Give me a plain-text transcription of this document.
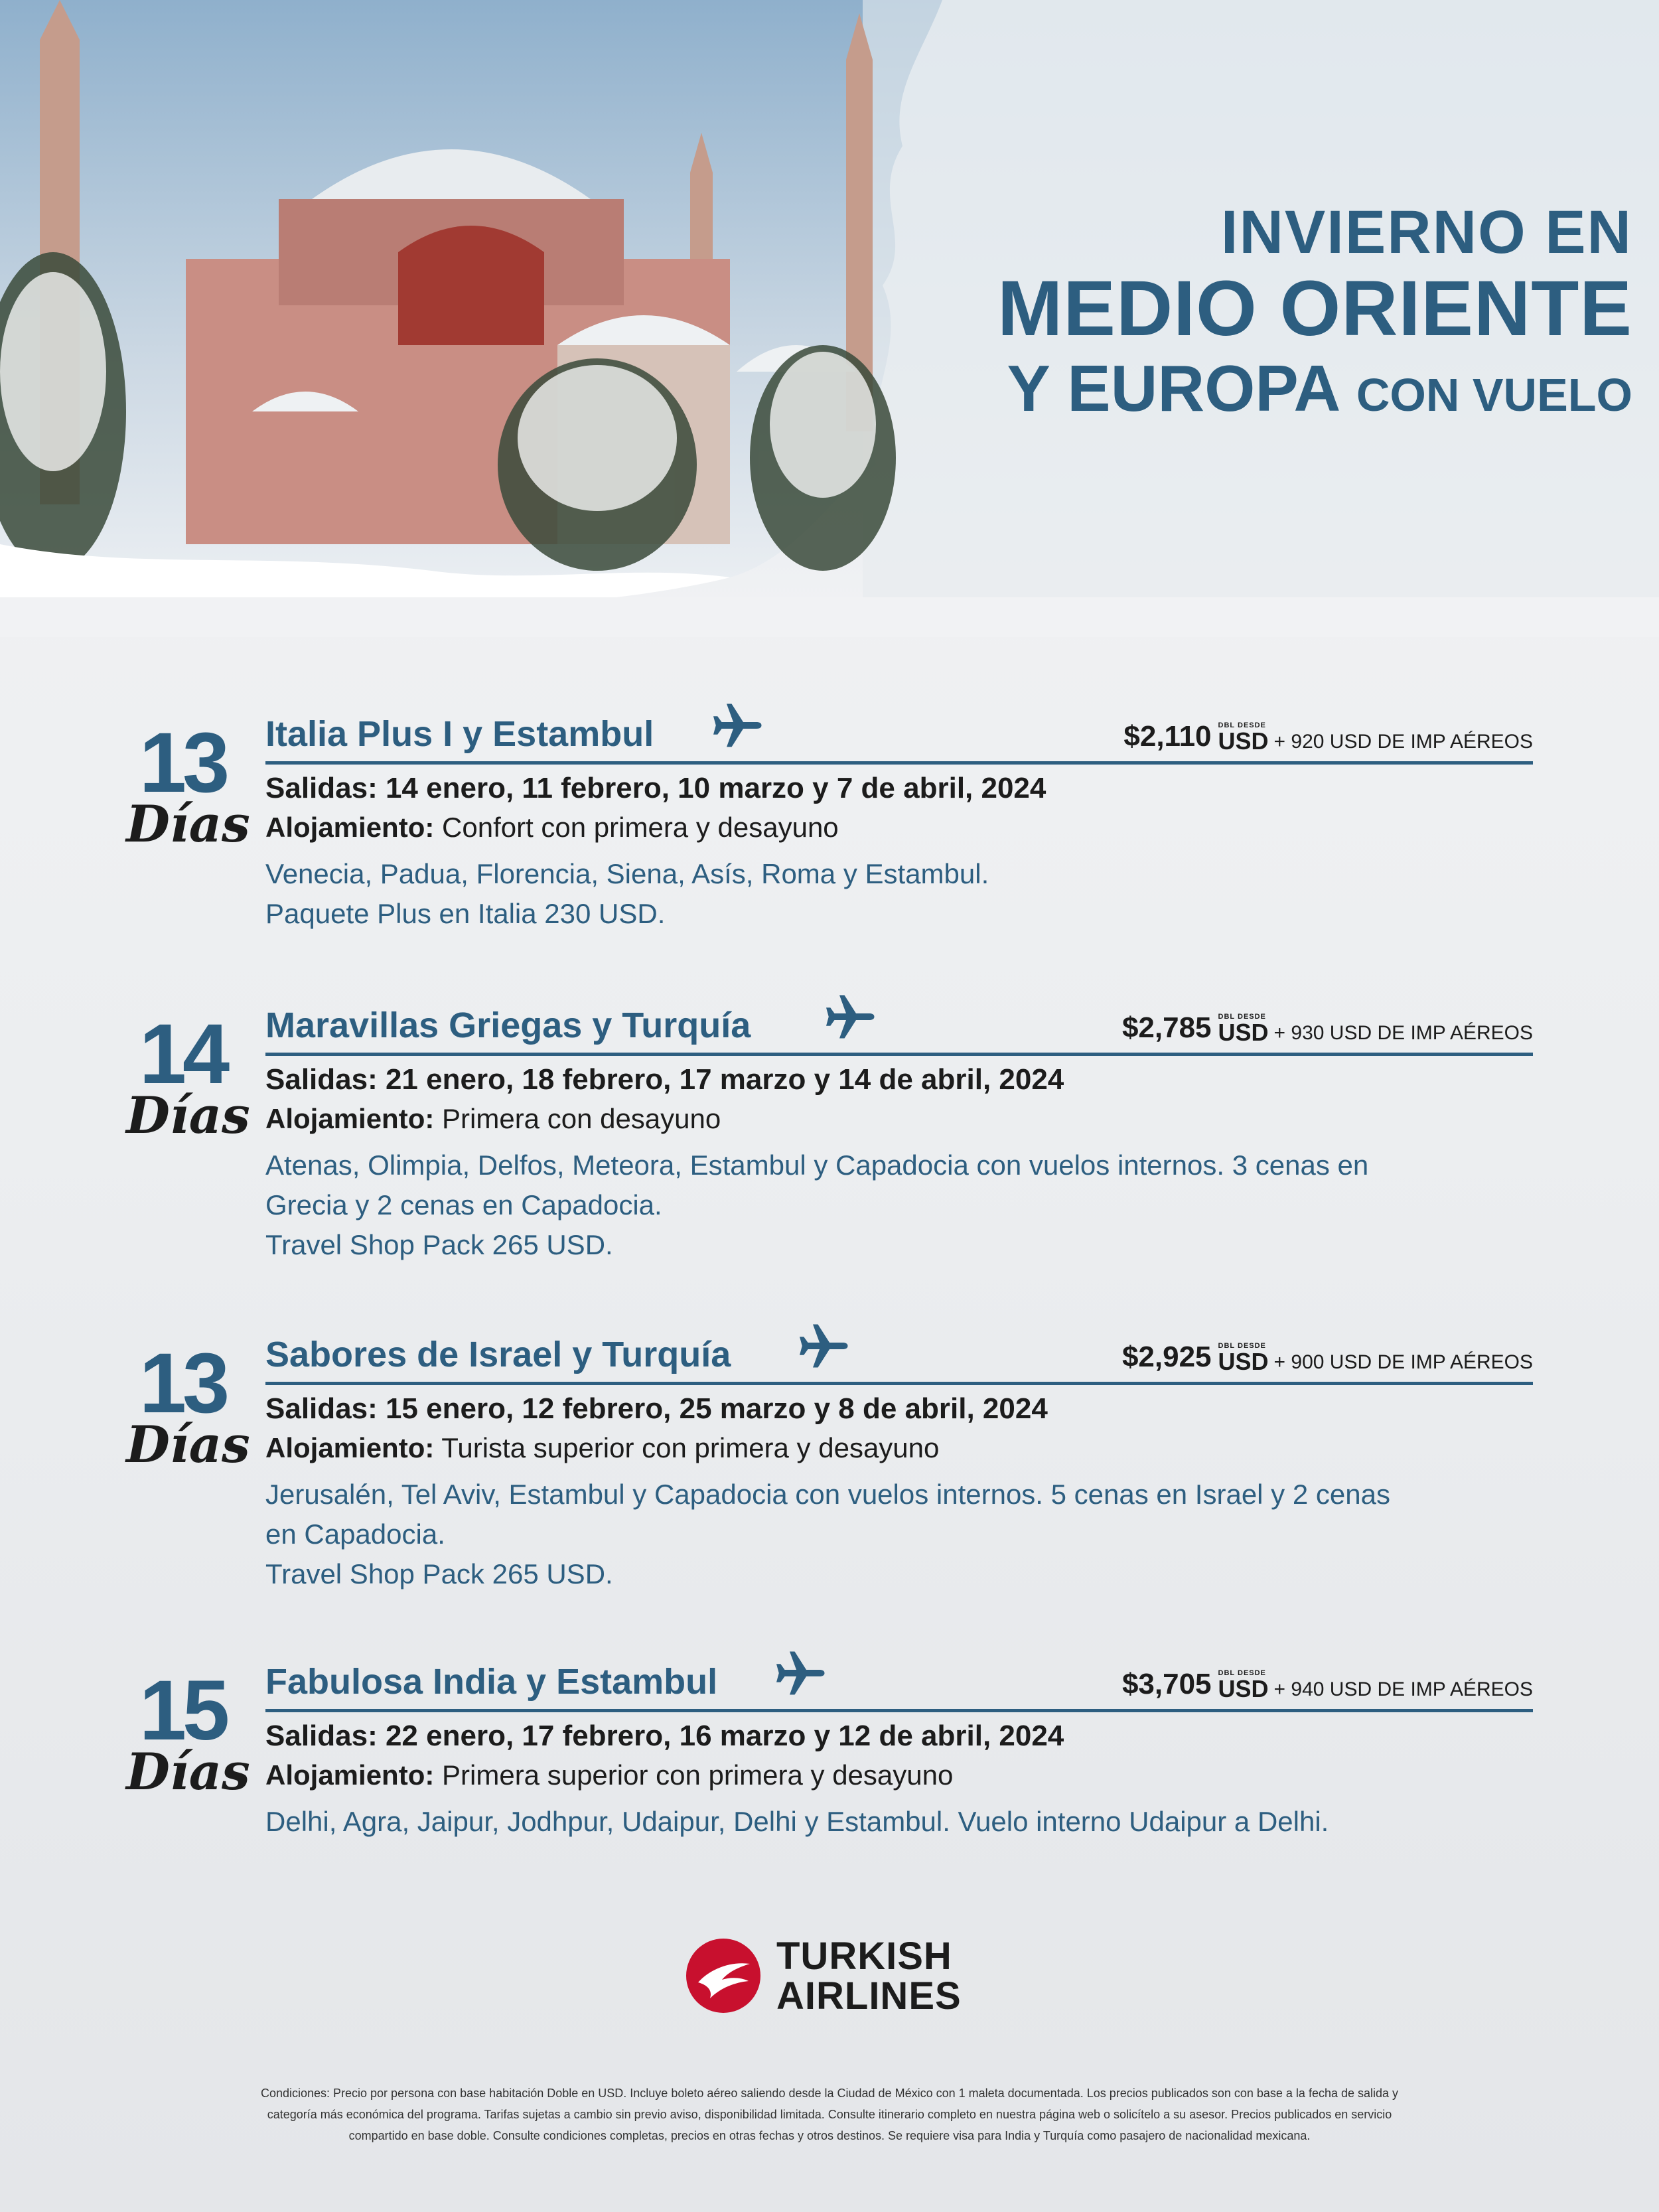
INVIERNO EN
MEDIO ORIENTE
Y EUROPA CON VUELO
13
Días
Italia Plus I y Estambul	$2,110 DBL DESDE
USD + 920 USD DE IMP AÉREOS
Salidas: 14 enero, 11 febrero, 10 marzo y 7 de abril, 2024
Alojamiento: Confort con primera y desayuno
Venecia, Padua, Florencia, Siena, Asís, Roma y Estambul.
Paquete Plus en Italia 230 USD.
14
Días
Maravillas Griegas y Turquía	$2,785 DBL DESDE
USD + 930 USD DE IMP AÉREOS
Salidas: 21 enero, 18 febrero, 17 marzo y 14 de abril, 2024
Alojamiento: Primera con desayuno
Atenas, Olimpia, Delfos, Meteora, Estambul y Capadocia con vuelos internos. 3 cenas en
Grecia y 2 cenas en Capadocia.
Travel Shop Pack 265 USD.
13
Días
Sabores de Israel y Turquía	$2,925 DBL DESDE
USD + 900 USD DE IMP AÉREOS
Salidas: 15 enero, 12 febrero, 25 marzo y 8 de abril, 2024
Alojamiento: Turista superior con primera y desayuno
Jerusalén, Tel Aviv, Estambul y Capadocia con vuelos internos. 5 cenas en Israel y 2 cenas
en Capadocia.
Travel Shop Pack 265 USD.
15
Días
Fabulosa India y Estambul	$3,705 DBL DESDE
USD + 940 USD DE IMP AÉREOS
Salidas: 22 enero, 17 febrero, 16 marzo y 12 de abril, 2024
Alojamiento: Primera superior con primera y desayuno
Delhi, Agra, Jaipur, Jodhpur, Udaipur, Delhi y Estambul. Vuelo interno Udaipur a Delhi.
TURKISH
AIRLINES
Condiciones: Precio por persona con base habitación Doble en USD. Incluye boleto aéreo saliendo desde la Ciudad de México con 1 maleta documentada. Los precios publicados son con base a la fecha de salida y
categoría más económica del programa. Tarifas sujetas a cambio sin previo aviso, disponibilidad limitada. Consulte itinerario completo en nuestra página web o solicítelo a su asesor. Precios publicados en servicio
compartido en base doble. Consulte condiciones completas, precios en otras fechas y otros destinos. Se requiere visa para India y Turquía como pasajero de nacionalidad mexicana.
